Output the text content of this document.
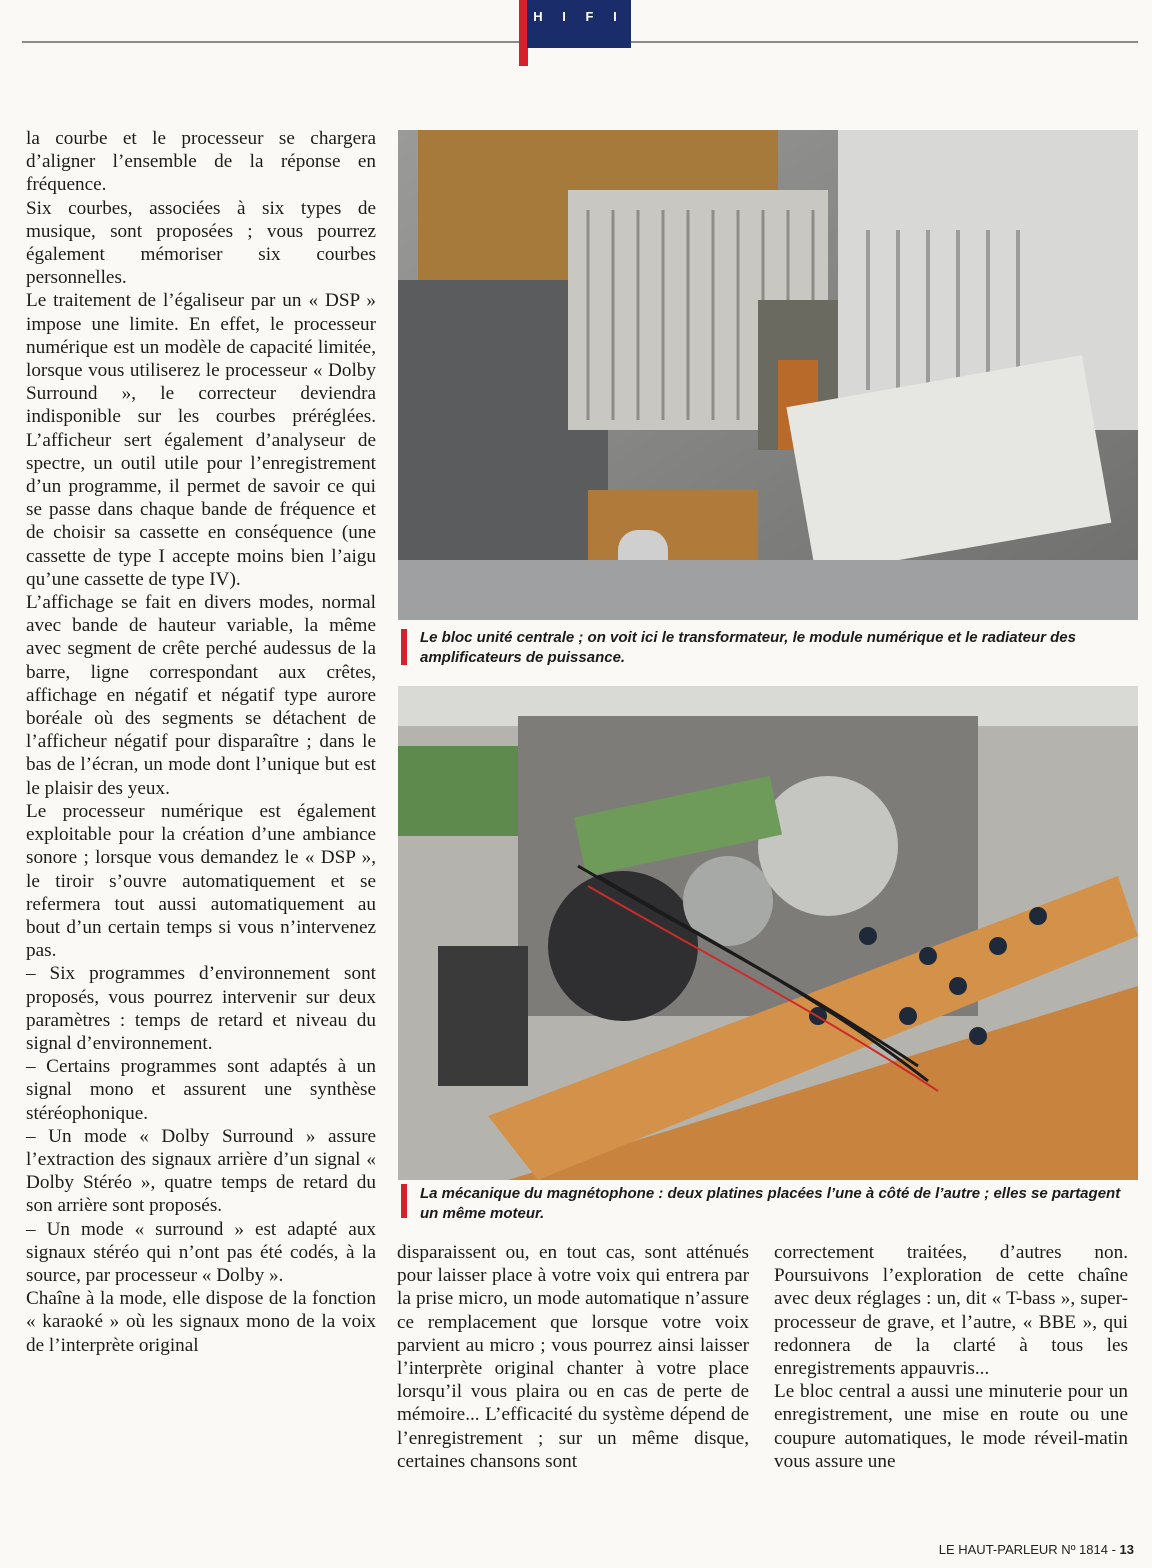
H I F I

la courbe et le processeur se chargera d’aligner l’ensemble de la réponse en fréquence.

Six courbes, associées à six types de musique, sont proposées ; vous pourrez également mémoriser six courbes personnelles.

Le traitement de l’égaliseur par un « DSP » impose une limite. En effet, le processeur numérique est un modèle de capacité limitée, lorsque vous utiliserez le processeur « Dolby Surround », le correcteur deviendra indisponible sur les courbes préréglées. L’afficheur sert également d’analyseur de spectre, un outil utile pour l’enregistrement d’un programme, il permet de savoir ce qui se passe dans chaque bande de fréquence et de choisir sa cassette en conséquence (une cassette de type I accepte moins bien l’aigu qu’une cassette de type IV).

L’affichage se fait en divers modes, normal avec bande de hauteur variable, la même avec segment de crête perché audessus de la barre, ligne correspondant aux crêtes, affichage en négatif et négatif type aurore boréale où des segments se détachent de l’afficheur négatif pour disparaître ; dans le bas de l’écran, un mode dont l’unique but est le plaisir des yeux.

Le processeur numérique est également exploitable pour la création d’une ambiance sonore ; lorsque vous demandez le « DSP », le tiroir s’ouvre automatiquement et se refermera tout aussi automatiquement au bout d’un certain temps si vous n’intervenez pas.

– Six programmes d’environnement sont proposés, vous pourrez intervenir sur deux paramètres : temps de retard et niveau du signal d’environnement.

– Certains programmes sont adaptés à un signal mono et assurent une synthèse stéréophonique.

– Un mode « Dolby Surround » assure l’extraction des signaux arrière d’un signal « Dolby Stéréo », quatre temps de retard du son arrière sont proposés.

– Un mode « surround » est adapté aux signaux stéréo qui n’ont pas été codés, à la source, par processeur « Dolby ».

Chaîne à la mode, elle dispose de la fonction « karaoké » où les signaux mono de la voix de l’interprète original

Le bloc unité centrale ; on voit ici le transformateur, le module numérique et le radiateur des amplificateurs de puissance.
La mécanique du magnétophone : deux platines placées l’une à côté de l’autre ; elles se partagent un même moteur.

disparaissent ou, en tout cas, sont atténués pour laisser place à votre voix qui entrera par la prise micro, un mode automatique n’assure ce remplacement que lorsque votre voix parvient au micro ; vous pourrez ainsi laisser l’interprète original chanter à votre place lorsqu’il vous plaira ou en cas de perte de mémoire... L’efficacité du système dépend de l’enregistrement ; sur un même disque, certaines chansons sont

correctement traitées, d’autres non. Poursuivons l’exploration de cette chaîne avec deux réglages : un, dit « T-bass », super-processeur de grave, et l’autre, « BBE », qui redonnera de la clarté à tous les enregistrements appauvris...

Le bloc central a aussi une minuterie pour un enregistrement, une mise en route ou une coupure automatiques, le mode réveil-matin vous assure une

LE HAUT-PARLEUR Nº 1814 - 13
